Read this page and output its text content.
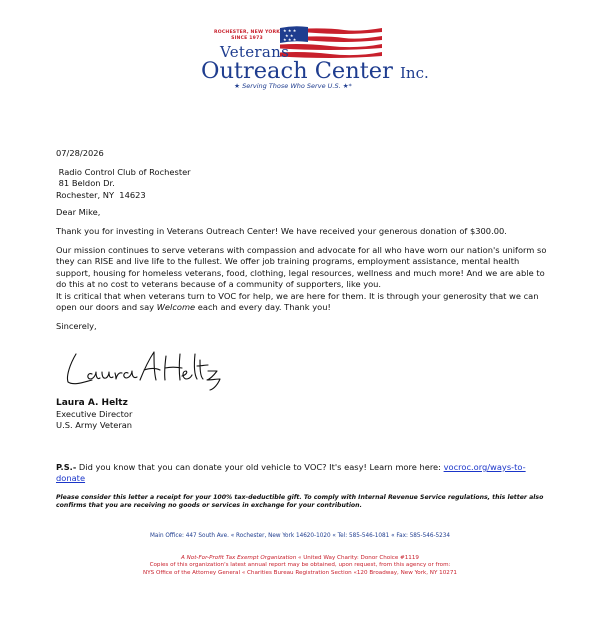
ROCHESTER, NEW YORK
SINCE 1973
★ ★ ★
★ ★
★ ★ ★
Veterans
Outreach Center Inc.
★ Serving Those Who Serve U.S. ★*
07/28/2026
Radio Control Club of Rochester
81 Beldon Dr.
Rochester, NY  14623
Dear Mike,
Thank you for investing in Veterans Outreach Center! We have received your generous donation of $300.00.
Our mission continues to serve veterans with compassion and advocate for all who have worn our nation's uniform so they can RISE and live life to the fullest. We offer job training programs, employment assistance, mental health support, housing for homeless veterans, food, clothing, legal resources, wellness and much more! And we are able to do this at no cost to veterans because of a community of supporters, like you.
It is critical that when veterans turn to VOC for help, we are here for them. It is through your generosity that we can open our doors and say Welcome each and every day. Thank you!
Sincerely,
Laura A. Heltz
Executive Director
U.S. Army Veteran
P.S.- Did you know that you can donate your old vehicle to VOC? It's easy! Learn more here: vocroc.org/ways-to-donate
Please consider this letter a receipt for your 100% tax-deductible gift. To comply with Internal Revenue Service regulations, this letter also confirms that you are receiving no goods or services in exchange for your contribution.
Main Office: 447 South Ave. « Rochester, New York 14620-1020 « Tel: 585-546-1081 « Fax: 585-546-5234
A Not-For-Profit Tax Exempt Organization « United Way Charity: Donor Choice #1119
Copies of this organization's latest annual report may be obtained, upon request, from this agency or from:
NYS Office of the Attorney General « Charities Bureau Registration Section «120 Broadway, New York, NY 10271
